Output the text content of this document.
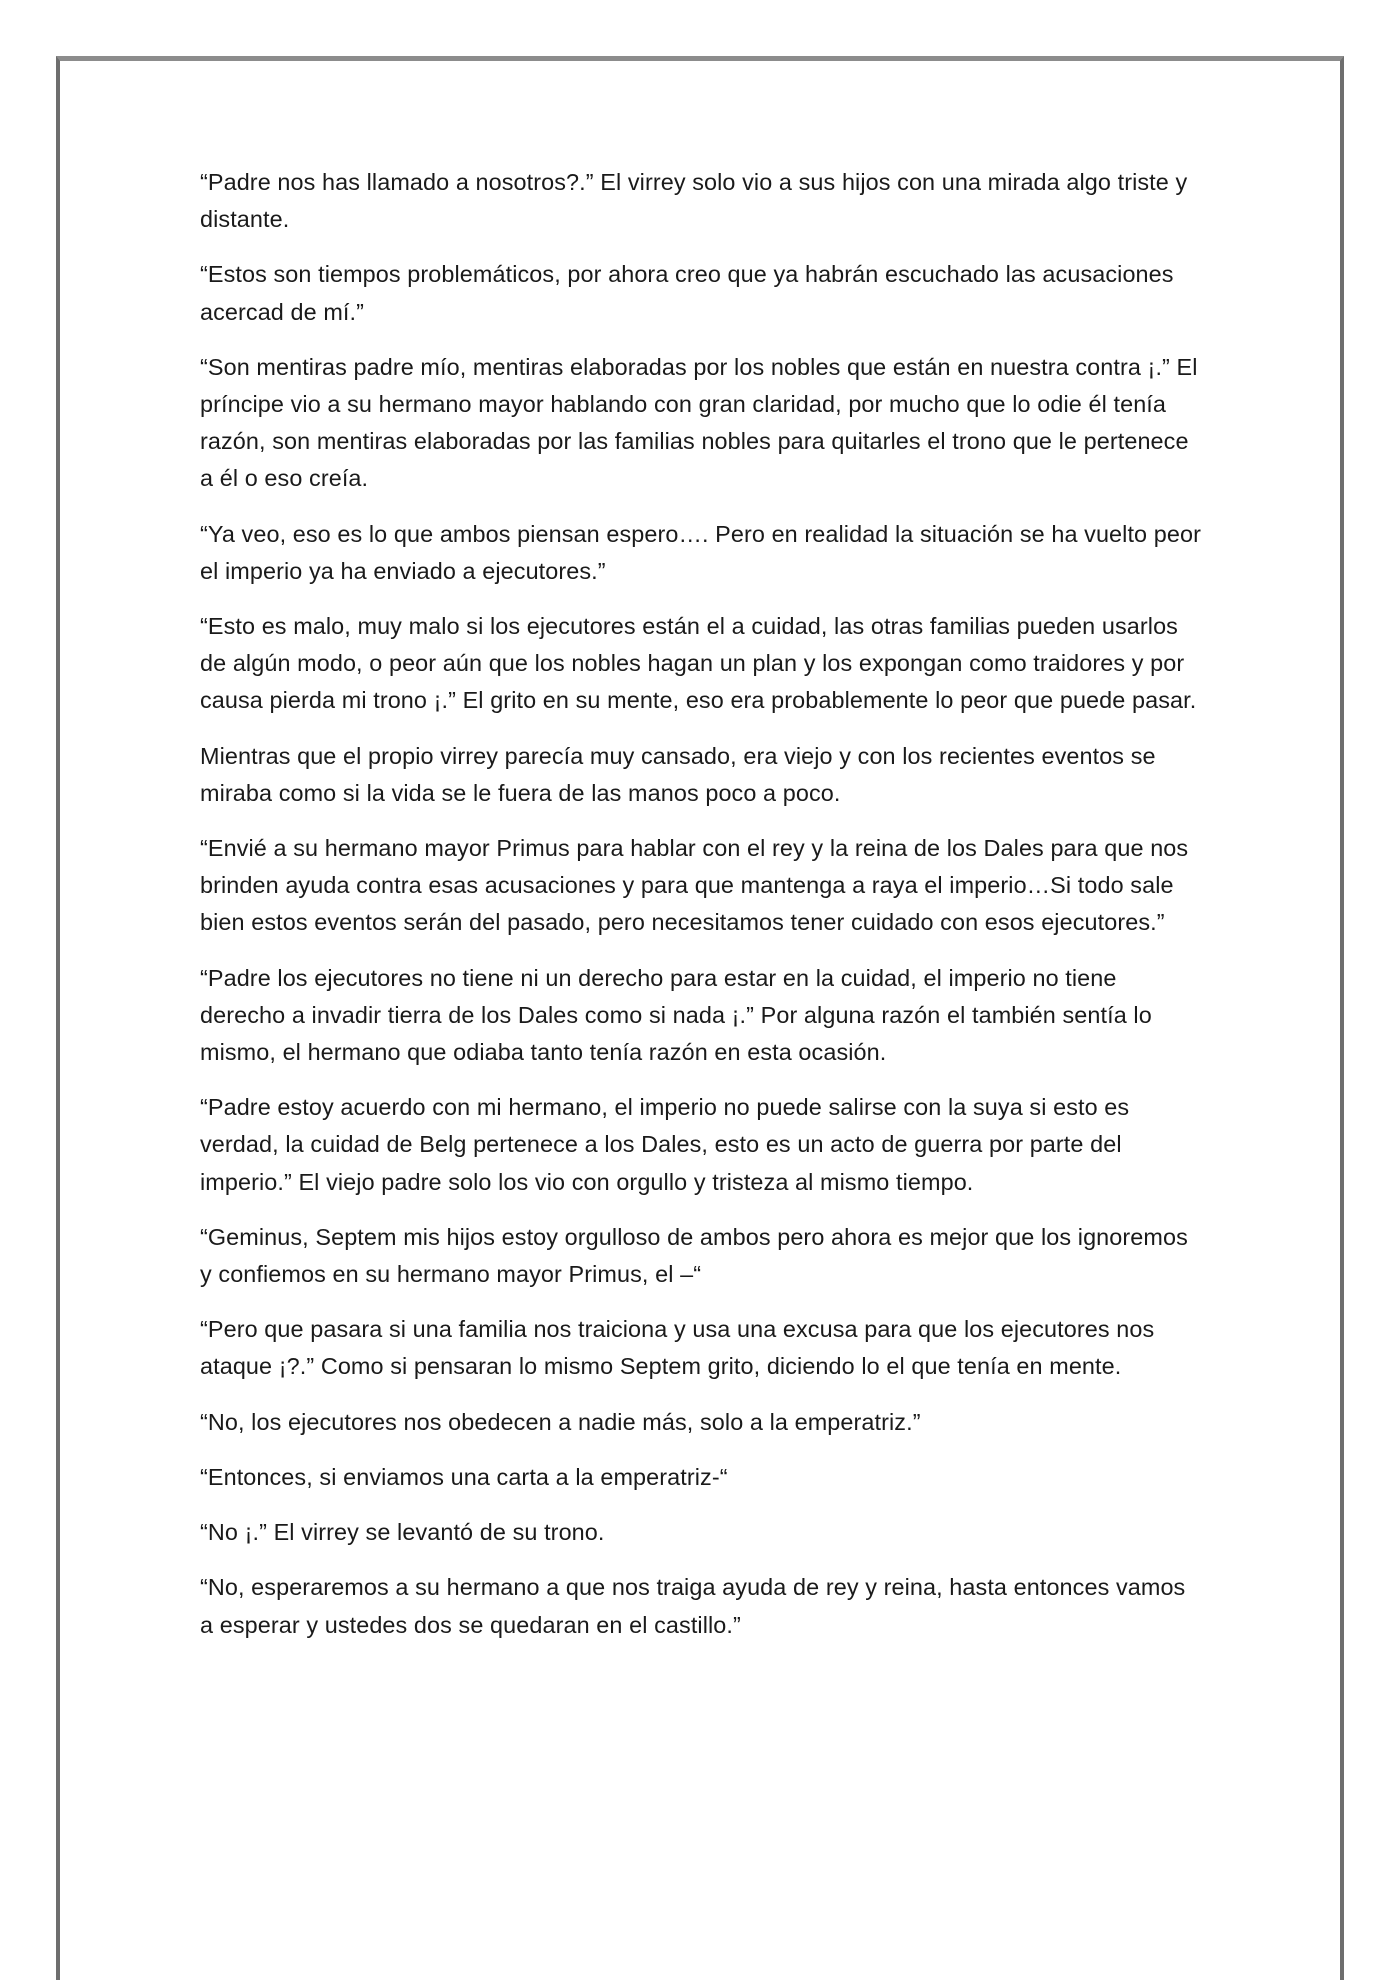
“Padre nos has llamado a nosotros?.” El virrey solo vio a sus hijos con una mirada algo triste y distante.

“Estos son tiempos problemáticos, por ahora creo que ya habrán escuchado las acusaciones acercad de mí.”

“Son mentiras padre mío, mentiras elaboradas por los nobles que están en nuestra contra ¡.” El príncipe vio a su hermano mayor hablando con gran claridad, por mucho que lo odie él tenía razón, son mentiras elaboradas por las familias nobles para quitarles el trono que le pertenece a él o eso creía.

“Ya veo, eso es lo que ambos piensan espero…. Pero en realidad la situación se ha vuelto peor el imperio ya ha enviado a ejecutores.”

“Esto es malo, muy malo si los ejecutores están el a cuidad, las otras familias pueden usarlos de algún modo, o peor aún que los nobles hagan un plan y los expongan como traidores y por causa pierda mi trono ¡.” El grito en su mente, eso era probablemente lo peor que puede pasar.

Mientras que el propio virrey parecía muy cansado, era viejo y con los recientes eventos se miraba como si la vida se le fuera de las manos poco a poco.

“Envié a su hermano mayor Primus para hablar con el rey y la reina de los Dales para que nos brinden ayuda contra esas acusaciones y para que mantenga a raya el imperio…Si todo sale bien estos eventos serán del pasado, pero necesitamos tener cuidado con esos ejecutores.”

“Padre los ejecutores no tiene ni un derecho para estar en la cuidad, el imperio no tiene derecho a invadir tierra de los Dales como si nada ¡.” Por alguna razón el también sentía lo mismo, el hermano que odiaba tanto tenía razón en esta ocasión.

“Padre estoy acuerdo con mi hermano, el imperio no puede salirse con la suya si esto es verdad, la cuidad de Belg pertenece a los Dales, esto es un acto de guerra por parte del imperio.” El viejo padre solo los vio con orgullo y tristeza al mismo tiempo.

“Geminus, Septem mis hijos estoy orgulloso de ambos pero ahora es mejor que los ignoremos y confiemos en su hermano mayor Primus, el –“

“Pero que pasara si una familia nos traiciona y usa una excusa para que los ejecutores nos ataque ¡?.” Como si pensaran lo mismo Septem grito, diciendo lo el que tenía en mente.

“No, los ejecutores nos obedecen a nadie más, solo a la emperatriz.”

“Entonces, si enviamos una carta a la emperatriz-“

“No ¡.” El virrey se levantó de su trono.

“No, esperaremos a su hermano a que nos traiga ayuda de rey y reina, hasta entonces vamos a esperar y ustedes dos se quedaran en el castillo.”
